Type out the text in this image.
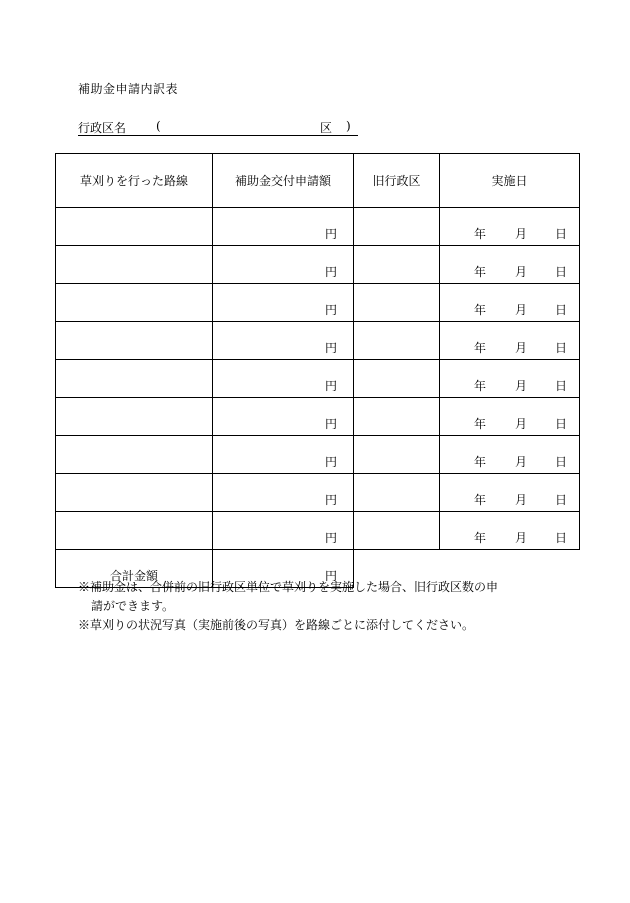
補助金申請内訳表
行政区名 (	区 )
草刈りを行った路線	補助金交付申請額	旧行政区	実施日
	円		年 月 日

	円		年 月 日

	円		年 月 日

	円		年 月 日

	円		年 月 日

	円		年 月 日

	円		年 月 日

	円		年 月 日

	円		年 月 日

合計金額	円		
※補助金は、合併前の旧行政区単位で草刈りを実施した場合、旧行政区数の申
請ができます。
※草刈りの状況写真（実施前後の写真）を路線ごとに添付してください。
